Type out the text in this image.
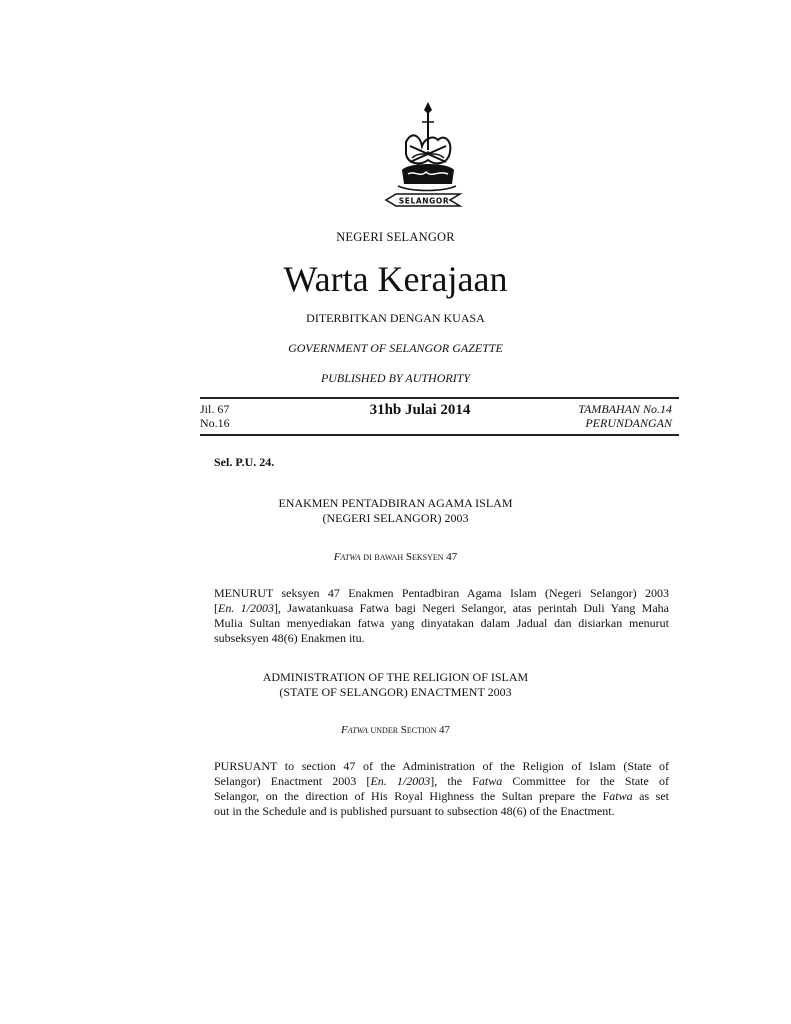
SELANGOR
NEGERI SELANGOR
Warta Kerajaan
DITERBITKAN DENGAN KUASA
GOVERNMENT OF SELANGOR GAZETTE
PUBLISHED BY AUTHORITY
Jil. 67
No.16
31hb Julai 2014	TAMBAHAN No.14
PERUNDANGAN
Sel. P.U. 24.
ENAKMEN PENTADBIRAN AGAMA ISLAM
(NEGERI SELANGOR) 2003
Fatwa di bawah Seksyen 47
MENURUT seksyen 47 Enakmen Pentadbiran Agama Islam (Negeri Selangor) 2003
[En. 1/2003], Jawatankuasa Fatwa bagi Negeri Selangor, atas perintah Duli Yang Maha
Mulia Sultan menyediakan fatwa yang dinyatakan dalam Jadual dan disiarkan menurut
subseksyen 48(6) Enakmen itu.
ADMINISTRATION OF THE RELIGION OF ISLAM
(STATE OF SELANGOR) ENACTMENT 2003
Fatwa under Section 47
PURSUANT to section 47 of the Administration of the Religion of Islam (State of
Selangor) Enactment 2003 [En. 1/2003], the Fatwa Committee for the State of
Selangor, on the direction of His Royal Highness the Sultan prepare the Fatwa as set
out in the Schedule and is published pursuant to subsection 48(6) of the Enactment.
